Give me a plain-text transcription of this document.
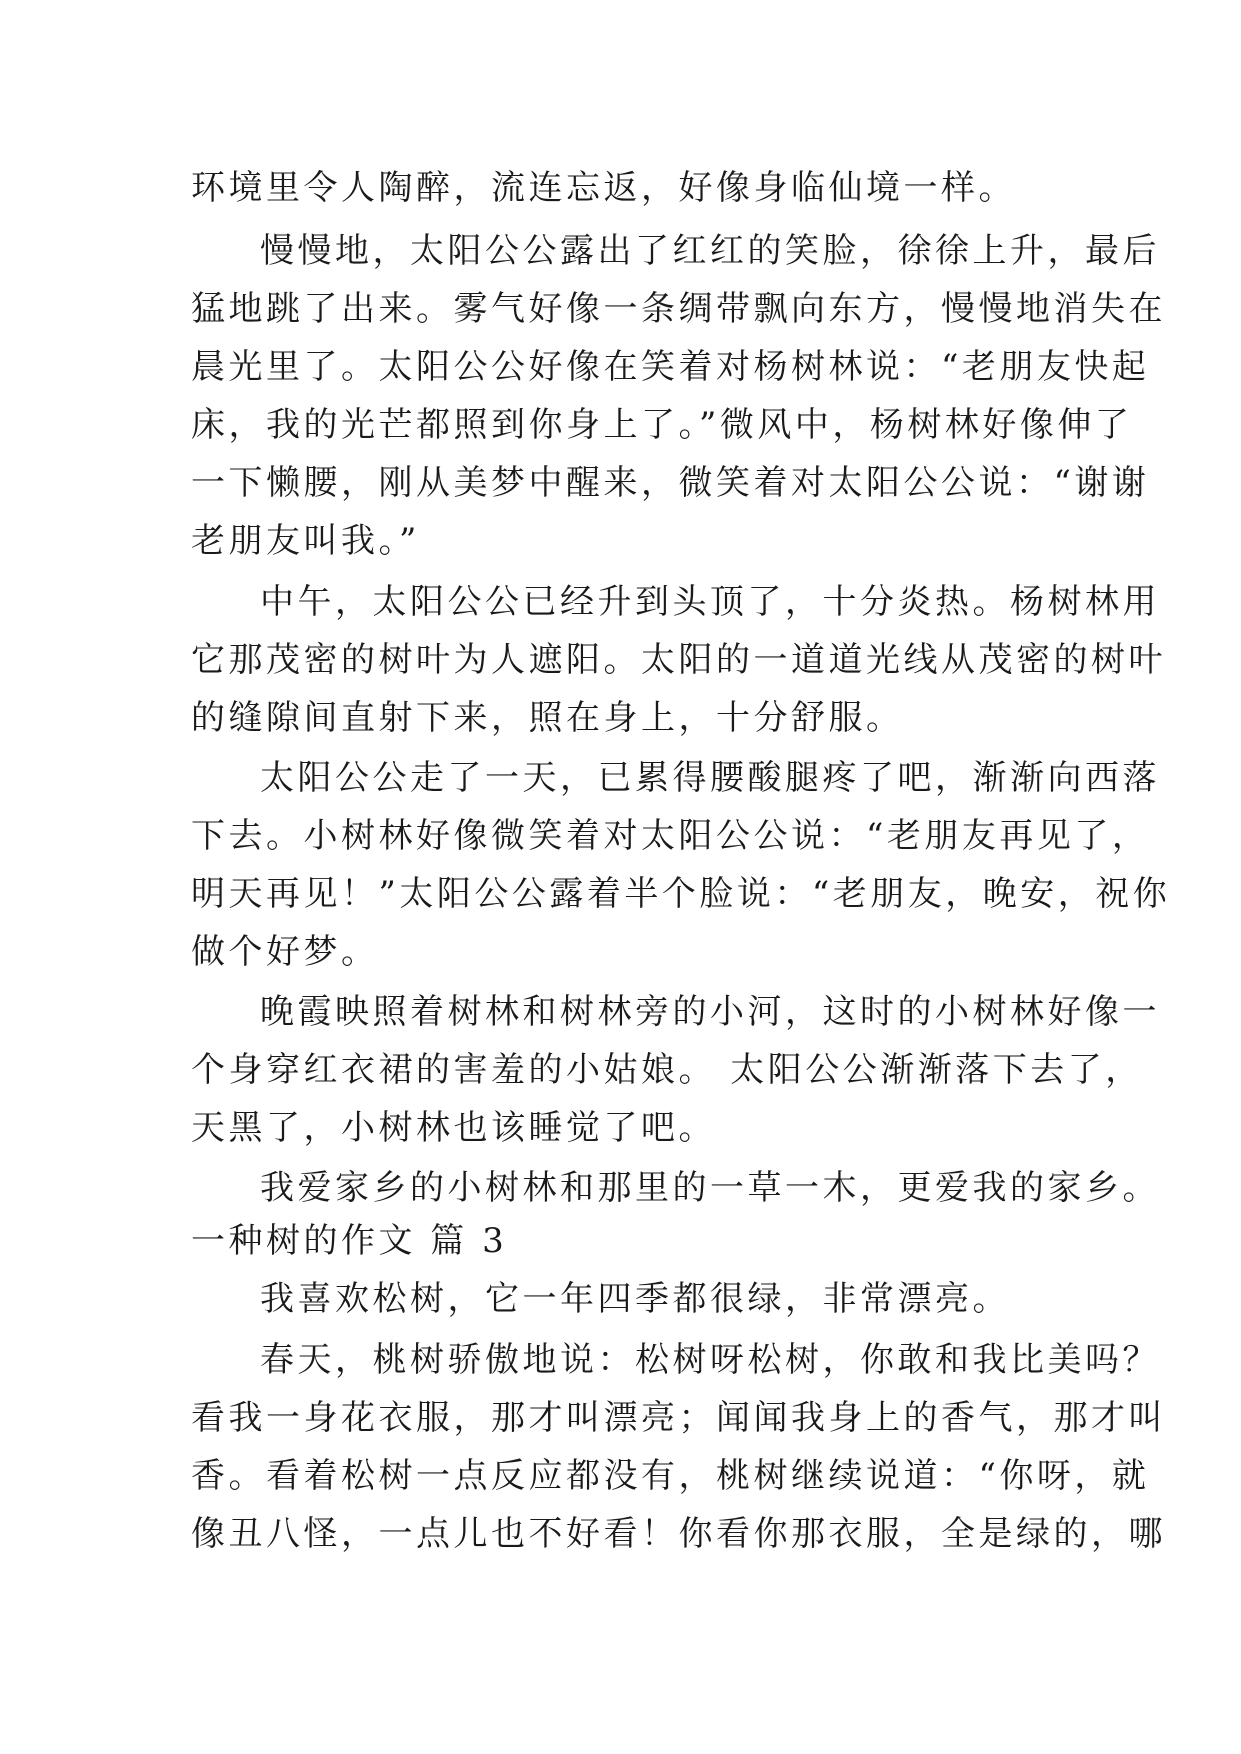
环境里令人陶醉，流连忘返，好像身临仙境一样。
慢慢地，太阳公公露出了红红的笑脸，徐徐上升，最后
猛地跳了出来。雾气好像一条绸带飘向东方，慢慢地消失在
晨光里了。太阳公公好像在笑着对杨树林说：“老朋友快起
床，我的光芒都照到你身上了。”微风中，杨树林好像伸了
一下懒腰，刚从美梦中醒来，微笑着对太阳公公说：“谢谢
老朋友叫我。”
中午，太阳公公已经升到头顶了，十分炎热。杨树林用
它那茂密的树叶为人遮阳。太阳的一道道光线从茂密的树叶
的缝隙间直射下来，照在身上，十分舒服。
太阳公公走了一天，已累得腰酸腿疼了吧，渐渐向西落
下去。小树林好像微笑着对太阳公公说：“老朋友再见了，
明天再见！”太阳公公露着半个脸说：“老朋友，晚安，祝你
做个好梦。
晚霞映照着树林和树林旁的小河，这时的小树林好像一
个身穿红衣裙的害羞的小姑娘。 太阳公公渐渐落下去了，
天黑了，小树林也该睡觉了吧。
我爱家乡的小树林和那里的一草一木，更爱我的家乡。
一种树的作文 篇 3
我喜欢松树，它一年四季都很绿，非常漂亮。
春天，桃树骄傲地说：松树呀松树，你敢和我比美吗？
看我一身花衣服，那才叫漂亮；闻闻我身上的香气，那才叫
香。看着松树一点反应都没有，桃树继续说道：“你呀，就
像丑八怪，一点儿也不好看！你看你那衣服，全是绿的，哪
